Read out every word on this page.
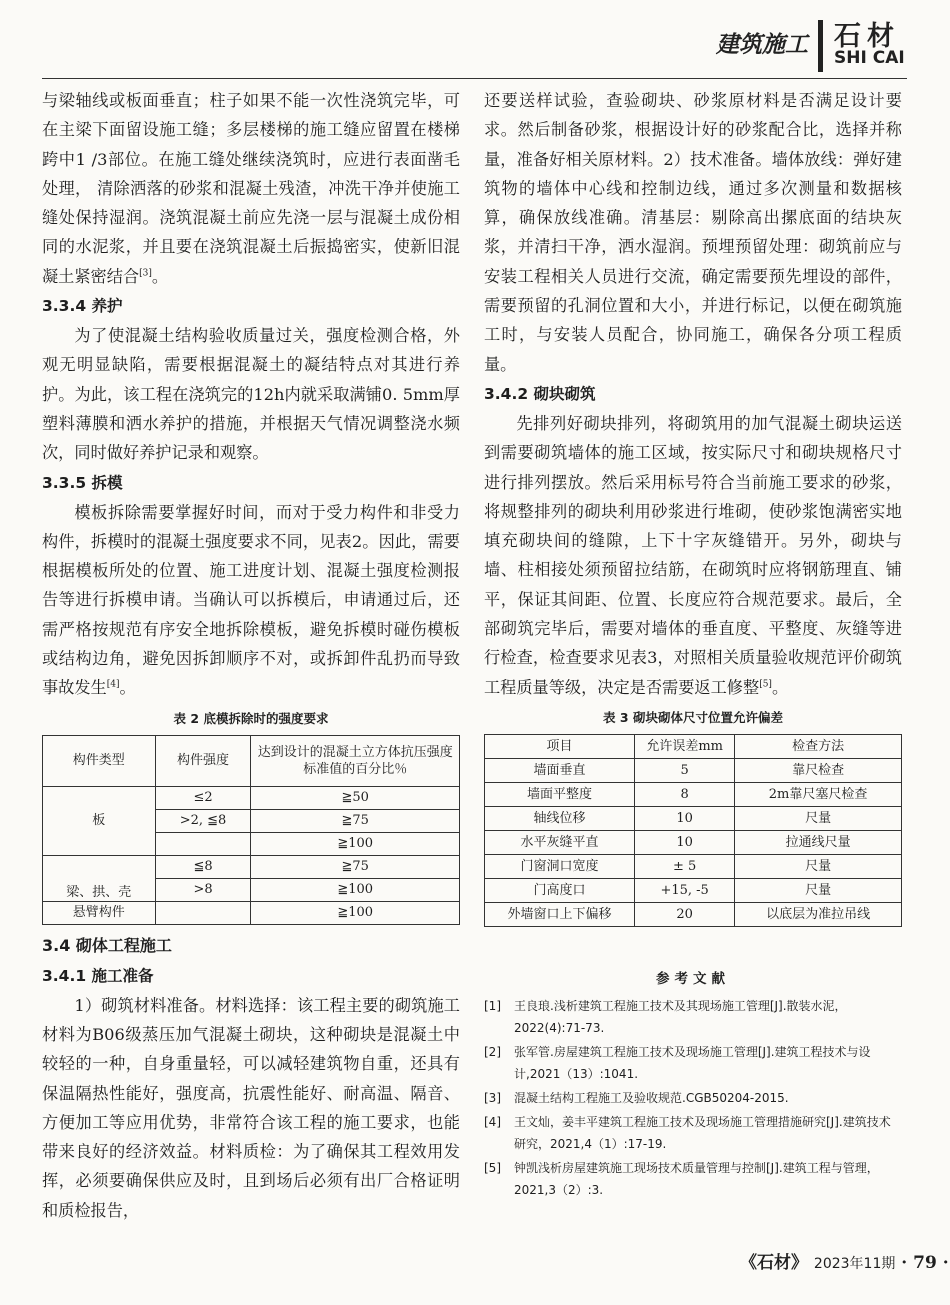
建筑施工 石材
SHI CAI

与梁轴线或板面垂直；柱子如果不能一次性浇筑完毕，可在主梁下面留设施工缝；多层楼梯的施工缝应留置在楼梯跨中1 /3部位。在施工缝处继续浇筑时，应进行表面凿毛处理， 清除洒落的砂浆和混凝土残渣，冲洗干净并使施工缝处保持湿润。浇筑混凝土前应先浇一层与混凝土成份相同的水泥浆，并且要在浇筑混凝土后振捣密实，使新旧混凝土紧密结合[3]。

3.3.4 养护

为了使混凝土结构验收质量过关，强度检测合格，外观无明显缺陷，需要根据混凝土的凝结特点对其进行养护。为此，该工程在浇筑完的12h内就采取满铺0. 5mm厚塑料薄膜和洒水养护的措施，并根据天气情况调整浇水频次，同时做好养护记录和观察。

3.3.5 拆模

模板拆除需要掌握好时间，而对于受力构件和非受力构件，拆模时的混凝土强度要求不同，见表2。因此，需要根据模板所处的位置、施工进度计划、混凝土强度检测报告等进行拆模申请。当确认可以拆模后，申请通过后，还需严格按规范有序安全地拆除模板，避免拆模时碰伤模板或结构边角，避免因拆卸顺序不对，或拆卸件乱扔而导致事故发生[4]。

表 2 底模拆除时的强度要求
构件类型	构件强度	达到设计的混凝土立方体抗压强度标准值的百分比％
板	≤2	≧50
	>2, ≦8	≧75
		≧100
梁、拱、壳	≦8	≧75
	>8	≧100
悬臂构件		≧100
3.4 砌体工程施工
3.4.1 施工准备

1）砌筑材料准备。材料选择：该工程主要的砌筑施工材料为B06级蒸压加气混凝土砌块，这种砌块是混凝土中较轻的一种，自身重量轻，可以减轻建筑物自重，还具有保温隔热性能好，强度高，抗震性能好、耐高温、隔音、方便加工等应用优势，非常符合该工程的施工要求，也能带来良好的经济效益。材料质检：为了确保其工程效用发挥，必须要确保供应及时，且到场后必须有出厂合格证明和质检报告，

还要送样试验，查验砌块、砂浆原材料是否满足设计要求。然后制备砂浆，根据设计好的砂浆配合比，选择并称量，准备好相关原材料。2）技术准备。墙体放线：弹好建筑物的墙体中心线和控制边线，通过多次测量和数据核算，确保放线准确。清基层：剔除高出摞底面的结块灰浆，并清扫干净，洒水湿润。预埋预留处理：砌筑前应与安装工程相关人员进行交流，确定需要预先埋设的部件，需要预留的孔洞位置和大小，并进行标记，以便在砌筑施工时，与安装人员配合，协同施工，确保各分项工程质量。

3.4.2 砌块砌筑

先排列好砌块排列，将砌筑用的加气混凝土砌块运送到需要砌筑墙体的施工区域，按实际尺寸和砌块规格尺寸进行排列摆放。然后采用标号符合当前施工要求的砂浆，将规整排列的砌块利用砂浆进行堆砌，使砂浆饱满密实地填充砌块间的缝隙，上下十字灰缝错开。另外，砌块与墙、柱相接处须预留拉结筋，在砌筑时应将钢筋理直、铺平，保证其间距、位置、长度应符合规范要求。最后，全部砌筑完毕后，需要对墙体的垂直度、平整度、灰缝等进行检查，检查要求见表3，对照相关质量验收规范评价砌筑工程质量等级，决定是否需要返工修整[5]。

表 3 砌块砌体尺寸位置允许偏差
项目	允许误差mm	检查方法
墙面垂直	5	靠尺检查
墙面平整度	8	2m靠尺塞尺检查
轴线位移	10	尺量
水平灰缝平直	10	拉通线尺量
门窗洞口宽度	± 5	尺量
门高度口	+15, -5	尺量
外墙窗口上下偏移	20	以底层为准拉吊线
参考文献
[1] 王良琅.浅析建筑工程施工技术及其现场施工管理[J].散装水泥，2022(4):71-73.
[2] 张军管.房屋建筑工程施工技术及现场施工管理[J].建筑工程技术与设计,2021（13）:1041.
[3] 混凝土结构工程施工及验收规范.CGB50204-2015.
[4] 王文灿，姜丰平建筑工程施工技术及现场施工管理措施研究[J].建筑技术研究，2021,4（1）:17-19.
[5] 钟凯浅析房屋建筑施工现场技术质量管理与控制[J].建筑工程与管理，2021,3（2）:3.
《石材》 2023年11期 · 79 ·
